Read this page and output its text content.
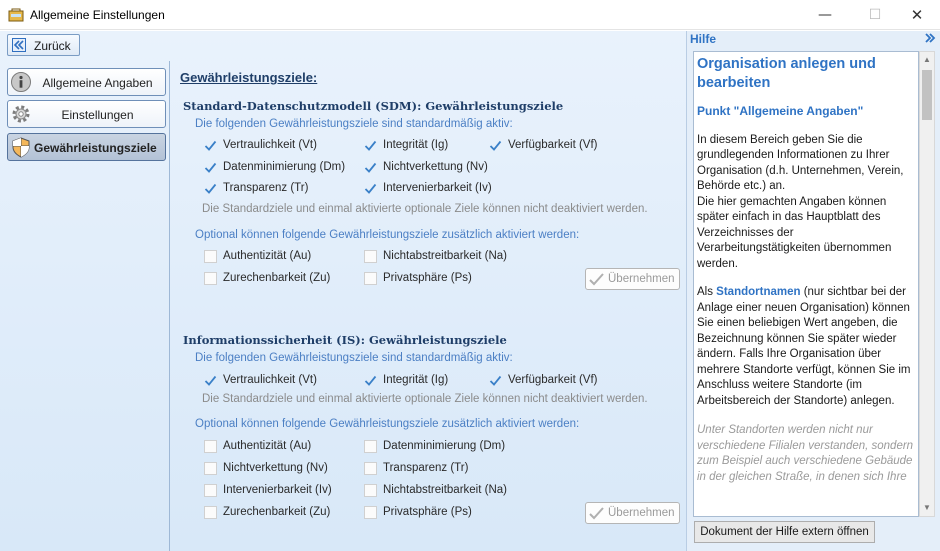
Allgemeine Einstellungen	—	☐	✕
Zurück
Allgemeine Angaben
Einstellungen
Gewährleistungsziele
Gewährleistungsziele:
Standard-Datenschutzmodell (SDM): Gewährleistungsziele
Die folgenden Gewährleistungsziele sind standardmäßig aktiv:
Vertraulichkeit (Vt)	Integrität (Ig)	Verfügbarkeit (Vf)
Datenminimierung (Dm)	Nichtverkettung (Nv)
Transparenz (Tr)	Intervenierbarkeit (Iv)
Die Standardziele und einmal aktivierte optionale Ziele können nicht deaktiviert werden.
Optional können folgende Gewährleistungsziele zusätzlich aktiviert werden:
Authentizität (Au)	Nichtabstreitbarkeit (Na)
Zurechenbarkeit (Zu)	Privatsphäre (Ps)	Übernehmen
Informationssicherheit (IS): Gewährleistungsziele
Die folgenden Gewährleistungsziele sind standardmäßig aktiv:
Vertraulichkeit (Vt)	Integrität (Ig)	Verfügbarkeit (Vf)
Die Standardziele und einmal aktivierte optionale Ziele können nicht deaktiviert werden.
Optional können folgende Gewährleistungsziele zusätzlich aktiviert werden:
Authentizität (Au)	Datenminimierung (Dm)
Nichtverkettung (Nv)	Transparenz (Tr)
Intervenierbarkeit (Iv)	Nichtabstreitbarkeit (Na)
Zurechenbarkeit (Zu)	Privatsphäre (Ps)	Übernehmen
Hilfe
Organisation anlegen und bearbeiten
Punkt "Allgemeine Angaben"
In diesem Bereich geben Sie die grundlegenden Informationen zu Ihrer Organisation (d.h. Unternehmen, Verein, Behörde etc.) an.
Die hier gemachten Angaben können später einfach in das Hauptblatt des Verzeichnisses der Verarbeitungstätigkeiten übernommen werden.
Als Standortnamen (nur sichtbar bei der Anlage einer neuen Organisation) können Sie einen beliebigen Wert angeben, die Bezeichnung können Sie später wieder ändern. Falls Ihre Organisation über mehrere Standorte verfügt, können Sie im Anschluss weitere Standorte (im Arbeitsbereich der Standorte) anlegen.
Unter Standorten werden nicht nur verschiedene Filialen verstanden, sondern zum Beispiel auch verschiedene Gebäude in der gleichen Straße, in denen sich Ihre
▲
▼
Dokument der Hilfe extern öffnen
